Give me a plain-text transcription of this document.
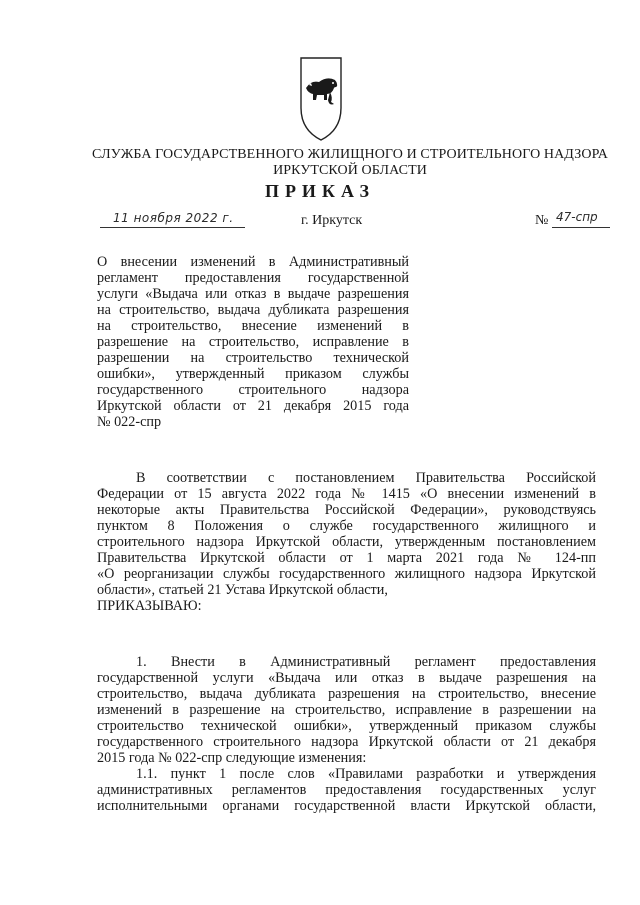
СЛУЖБА ГОСУДАРСТВЕННОГО ЖИЛИЩНОГО И СТРОИТЕЛЬНОГО НАДЗОРА
ИРКУТСКОЙ ОБЛАСТИ
ПРИКАЗ
11 ноября 2022 г.	г. Иркутск	№ 47-спр
О внесении изменений в Административный
регламент предоставления государственной
услуги «Выдача или отказ в выдаче разрешения
на строительство, выдача дубликата разрешения
на строительство, внесение изменений в
разрешение на строительство, исправление в
разрешении на строительство технической
ошибки», утвержденный приказом службы
государственного строительного надзора
Иркутской области от 21 декабря 2015 года
№ 022-спр
В соответствии с постановлением Правительства Российской
Федерации от 15 августа 2022 года № 1415 «О внесении изменений в
некоторые акты Правительства Российской Федерации», руководствуясь
пунктом 8 Положения о службе государственного жилищного и
строительного надзора Иркутской области, утвержденным постановлением
Правительства Иркутской области от 1 марта 2021 года № 124-пп
«О реорганизации службы государственного жилищного надзора Иркутской
области», статьей 21 Устава Иркутской области,
ПРИКАЗЫВАЮ:
1. Внести в Административный регламент предоставления
государственной услуги «Выдача или отказ в выдаче разрешения на
строительство, выдача дубликата разрешения на строительство, внесение
изменений в разрешение на строительство, исправление в разрешении на
строительство технической ошибки», утвержденный приказом службы
государственного строительного надзора Иркутской области от 21 декабря
2015 года № 022-спр следующие изменения:
1.1. пункт 1 после слов «Правилами разработки и утверждения
административных регламентов предоставления государственных услуг
исполнительными органами государственной власти Иркутской области,
